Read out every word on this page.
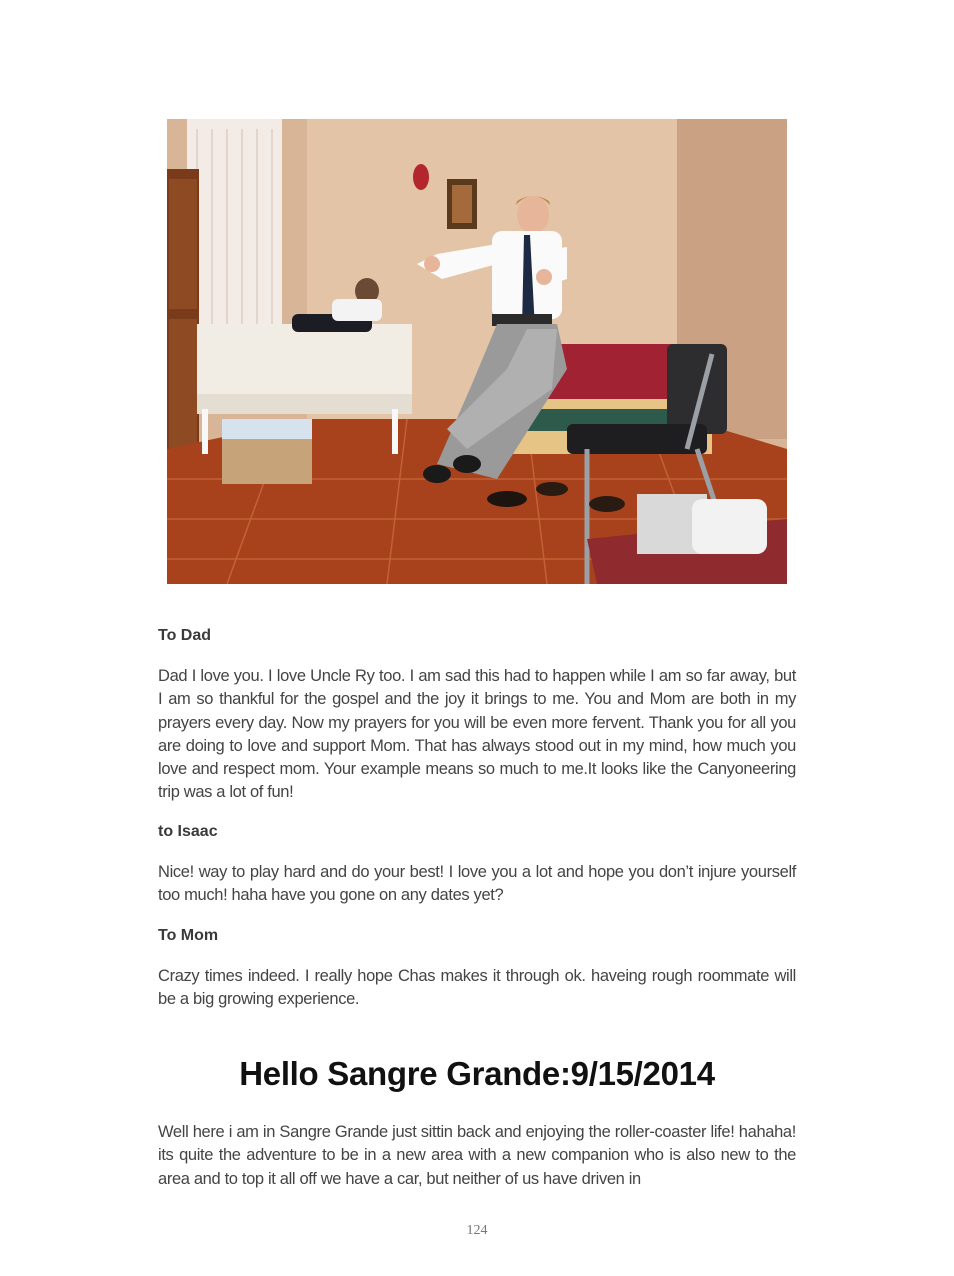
To Dad

Dad I love you. I love Uncle Ry too. I am sad this had to happen while I am so far away, but I am so thankful for the gospel and the joy it brings to me. You and Mom are both in my prayers every day. Now my prayers for you will be even more fervent. Thank you for all you are doing to love and support Mom. That has always stood out in my mind, how much you love and respect mom. Your example means so much to me.It looks like the Canyoneering trip was a lot of fun!

to Isaac

Nice! way to play hard and do your best! I love you a lot and hope you don’t injure yourself too much! haha have you gone on any dates yet?

To Mom

Crazy times indeed. I really hope Chas makes it through ok. haveing rough roommate will be a big growing experience.

Hello Sangre Grande:9/15/2014

Well here i am in Sangre Grande just sittin back and enjoying the roller-coaster life! hahaha! its quite the adventure to be in a new area with a new companion who is also new to the area and to top it all off we have a car, but neither of us have driven in

124
